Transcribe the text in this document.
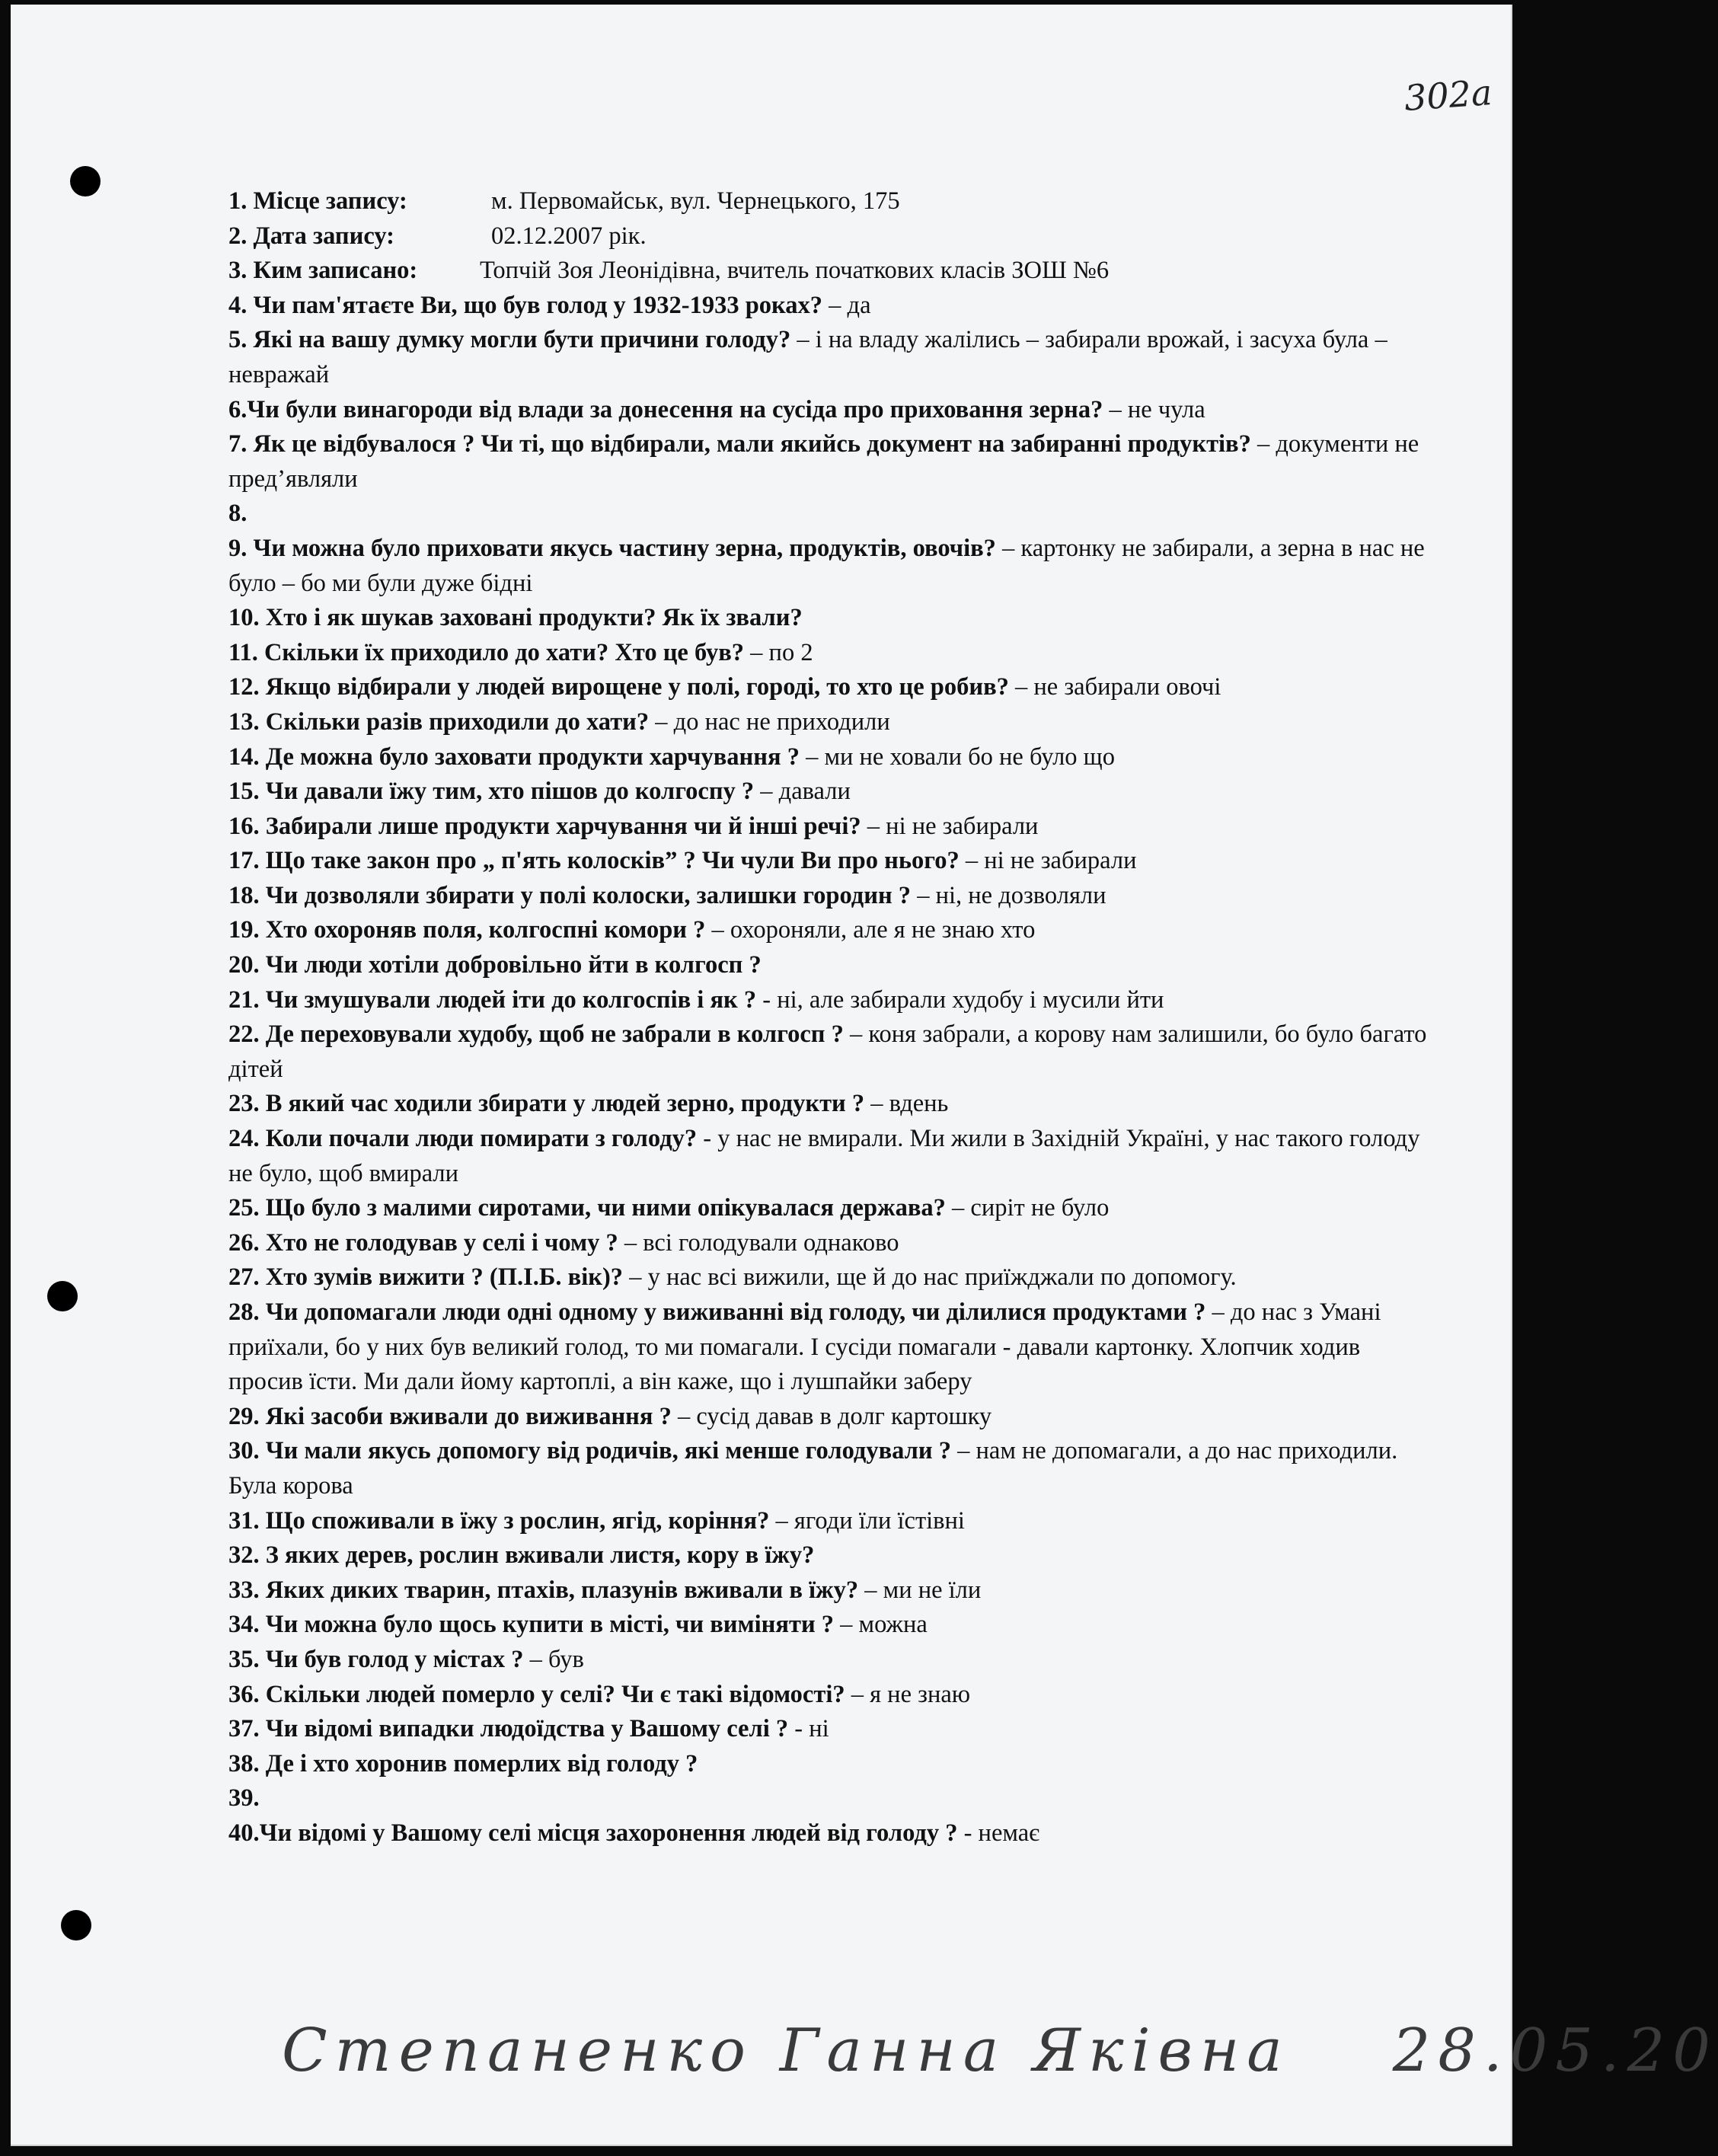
302а
1. Місце запису:	м. Первомайськ, вул. Чернецького, 175
2. Дата запису:	02.12.2007 рік.
3. Ким записано:	Топчій Зоя Леонідівна, вчитель початкових класів ЗОШ №6

4. Чи пам'ятаєте Ви, що був голод у 1932-1933 роках? – да

5. Які на вашу думку могли бути причини голоду? – і на владу жалілись – забирали врожай, і засуха була – невражай

6.Чи були винагороди від влади за донесення на сусіда про приховання зерна? – не чула

7. Як це відбувалося ? Чи ті, що відбирали, мали якийсь документ на забиранні продуктів? – документи не пред’являли

8.

9. Чи можна було приховати якусь частину зерна, продуктів, овочів? – картонку не забирали, а зерна в нас не було – бо ми були дуже бідні

10. Хто і як шукав заховані продукти? Як їх звали?

11. Скільки їх приходило до хати? Хто це був? – по 2

12. Якщо відбирали у людей вирощене у полі, городі, то хто це робив? – не забирали овочі

13. Скільки разів приходили до хати? – до нас не приходили

14. Де можна було заховати продукти харчування ? – ми не ховали бо не було що

15. Чи давали їжу тим, хто пішов до колгоспу ? – давали

16. Забирали лише продукти харчування чи й інші речі? – ні не забирали

17. Що таке закон про „ п'ять колосків” ? Чи чули Ви про нього? – ні не забирали

18. Чи дозволяли збирати у полі колоски, залишки городин ? – ні, не дозволяли

19. Хто охороняв поля, колгоспні комори ? – охороняли, але я не знаю хто

20. Чи люди хотіли добровільно йти в колгосп ?

21. Чи змушували людей іти до колгоспів і як ? - ні, але забирали худобу і мусили йти

22. Де переховували худобу, щоб не забрали в колгосп ? – коня забрали, а корову нам залишили, бо було багато дітей

23. В який час ходили збирати у людей зерно, продукти ? – вдень

24. Коли почали люди помирати з голоду? - у нас не вмирали. Ми жили в Західній Україні, у нас такого голоду не було, щоб вмирали

25. Що було з малими сиротами, чи ними опікувалася держава? – сиріт не було

26. Хто не голодував у селі і чому ? – всі голодували однаково

27. Хто зумів вижити ? (П.І.Б. вік)? – у нас всі вижили, ще й до нас приїжджали по допомогу.

28. Чи допомагали люди одні одному у виживанні від голоду, чи ділилися продуктами ? – до нас з Умані приїхали, бо у них був великий голод, то ми помагали. І сусіди помагали - давали картонку. Хлопчик ходив просив їсти. Ми дали йому картоплі, а він каже, що і лушпайки заберу

29. Які засоби вживали до виживання ? – сусід давав в долг картошку

30. Чи мали якусь допомогу від родичів, які менше голодували ? – нам не допомагали, а до нас приходили. Була корова

31. Що споживали в їжу з рослин, ягід, коріння? – ягоди їли їстівні

32. З яких дерев, рослин вживали листя, кору в їжу?

33. Яких диких тварин, птахів, плазунів вживали в їжу? – ми не їли

34. Чи можна було щось купити в місті, чи виміняти ? – можна

35. Чи був голод у містах ? – був

36. Скільки людей померло у селі? Чи є такі відомості? – я не знаю

37. Чи відомі випадки людоїдства у Вашому селі ? - ні

38. Де і хто хоронив померлих від голоду ?

39.

40.Чи відомі у Вашому селі місця захоронення людей від голоду ? - немає

Степаненко Ганна Яківна 28.05.20
